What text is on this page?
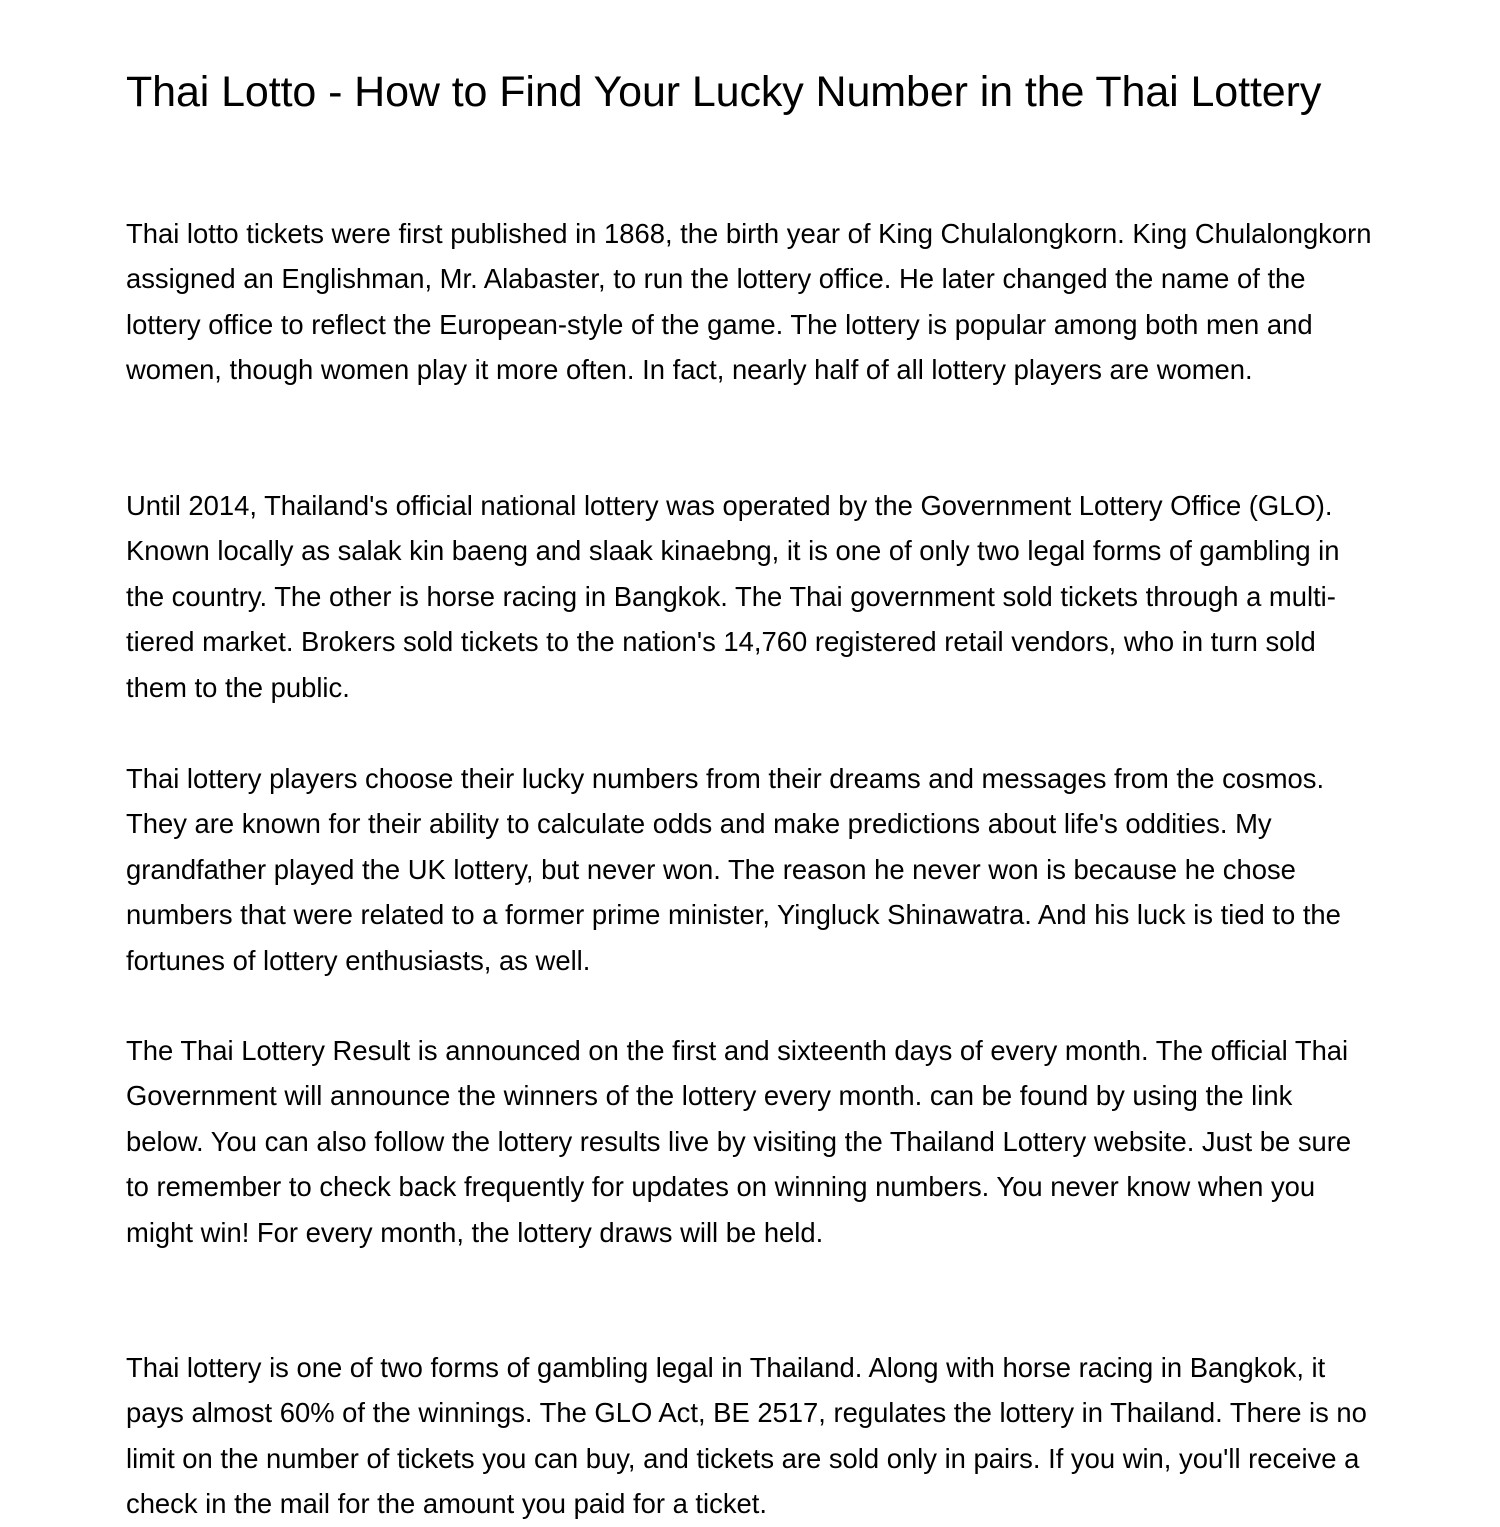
Thai Lotto - How to Find Your Lucky Number in the Thai Lottery

Thai lotto tickets were first published in 1868, the birth year of King Chulalongkorn. King Chulalongkorn assigned an Englishman, Mr. Alabaster, to run the lottery office. He later changed the name of the lottery office to reflect the European-style of the game. The lottery is popular among both men and women, though women play it more often. In fact, nearly half of all lottery players are women.

Until 2014, Thailand's official national lottery was operated by the Government Lottery Office (GLO). Known locally as salak kin baeng and slaak kinaebng, it is one of only two legal forms of gambling in the country. The other is horse racing in Bangkok. The Thai government sold tickets through a multi-tiered market. Brokers sold tickets to the nation's 14,760 registered retail vendors, who in turn sold them to the public.

Thai lottery players choose their lucky numbers from their dreams and messages from the cosmos. They are known for their ability to calculate odds and make predictions about life's oddities. My grandfather played the UK lottery, but never won. The reason he never won is because he chose numbers that were related to a former prime minister, Yingluck Shinawatra. And his luck is tied to the fortunes of lottery enthusiasts, as well.

The Thai Lottery Result is announced on the first and sixteenth days of every month. The official Thai Government will announce the winners of the lottery every month. can be found by using the link below. You can also follow the lottery results live by visiting the Thailand Lottery website. Just be sure to remember to check back frequently for updates on winning numbers. You never know when you might win! For every month, the lottery draws will be held.

Thai lottery is one of two forms of gambling legal in Thailand. Along with horse racing in Bangkok, it pays almost 60% of the winnings. The GLO Act, BE 2517, regulates the lottery in Thailand. There is no limit on the number of tickets you can buy, and tickets are sold only in pairs. If you win, you'll receive a check in the mail for the amount you paid for a ticket.
